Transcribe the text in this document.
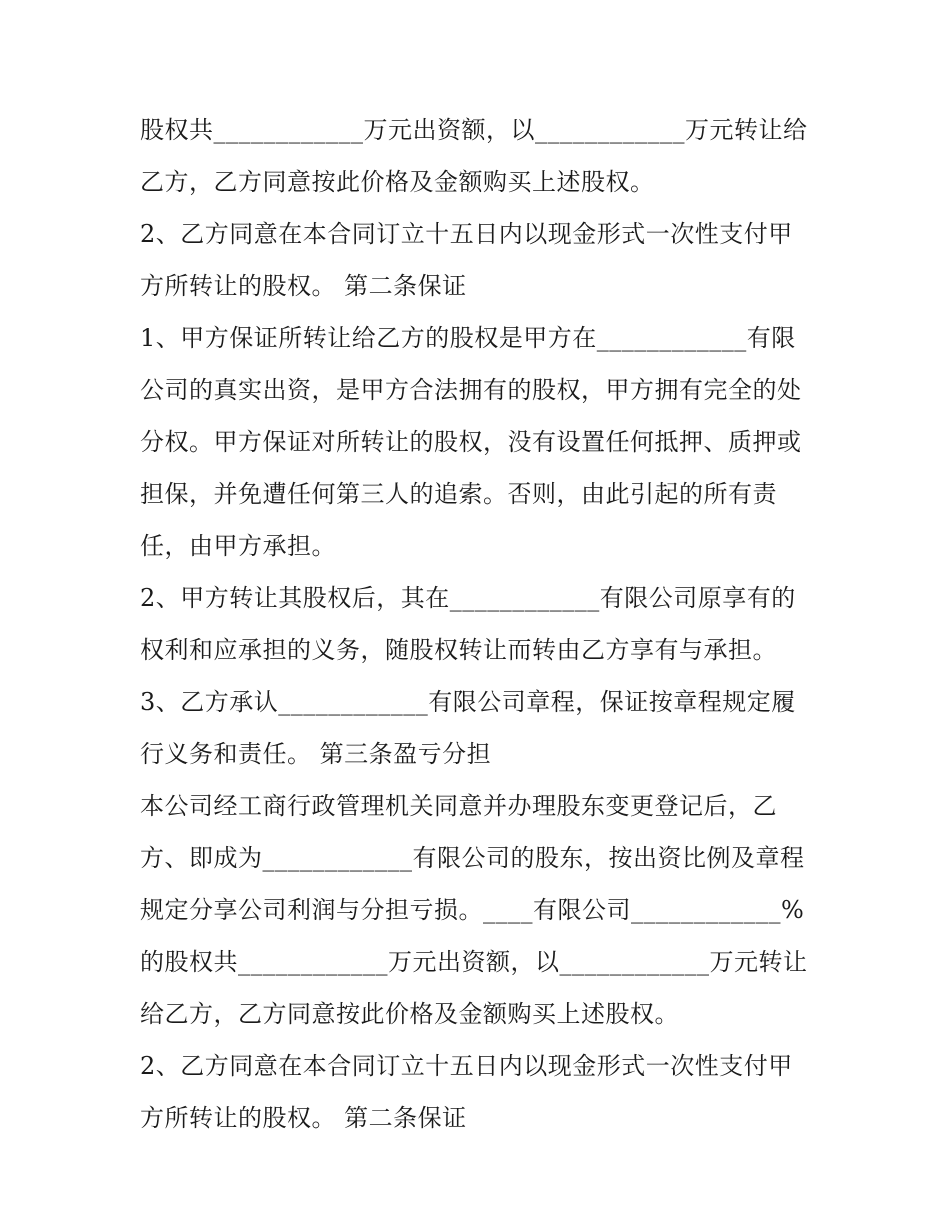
股权共____________万元出资额，以____________万元转让给
乙方，乙方同意按此价格及金额购买上述股权。
2、乙方同意在本合同订立十五日内以现金形式一次性支付甲
方所转让的股权。 第二条保证
1、甲方保证所转让给乙方的股权是甲方在____________有限
公司的真实出资，是甲方合法拥有的股权，甲方拥有完全的处
分权。甲方保证对所转让的股权，没有设置任何抵押、质押或
担保，并免遭任何第三人的追索。否则，由此引起的所有责
任，由甲方承担。
2、甲方转让其股权后，其在____________有限公司原享有的
权利和应承担的义务，随股权转让而转由乙方享有与承担。
3、乙方承认____________有限公司章程，保证按章程规定履
行义务和责任。 第三条盈亏分担
本公司经工商行政管理机关同意并办理股东变更登记后，乙
方、即成为____________有限公司的股东，按出资比例及章程
规定分享公司利润与分担亏损。____有限公司____________%
的股权共____________万元出资额，以____________万元转让
给乙方，乙方同意按此价格及金额购买上述股权。
2、乙方同意在本合同订立十五日内以现金形式一次性支付甲
方所转让的股权。 第二条保证
